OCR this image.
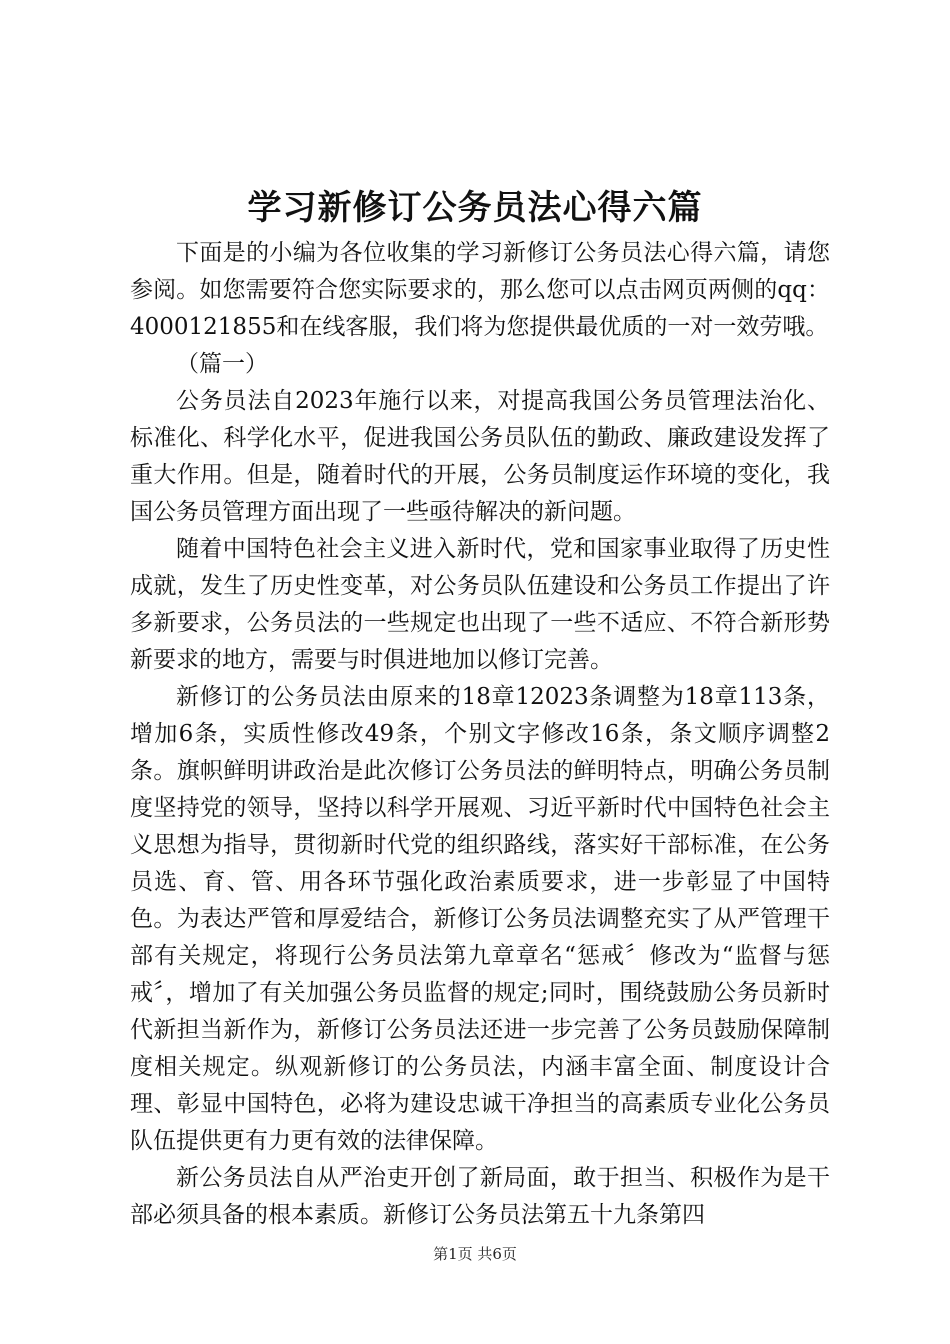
学习新修订公务员法心得六篇

下面是的小编为各位收集的学习新修订公务员法心得六篇，请您参阅。如您需要符合您实际要求的，那么您可以点击网页两侧的qq：4000121855和在线客服，我们将为您提供最优质的一对一效劳哦。

（篇一）

公务员法自2023年施行以来，对提高我国公务员管理法治化、标准化、科学化水平，促进我国公务员队伍的勤政、廉政建设发挥了重大作用。但是，随着时代的开展，公务员制度运作环境的变化，我国公务员管理方面出现了一些亟待解决的新问题。

随着中国特色社会主义进入新时代，党和国家事业取得了历史性成就，发生了历史性变革，对公务员队伍建设和公务员工作提出了许多新要求，公务员法的一些规定也出现了一些不适应、不符合新形势新要求的地方，需要与时俱进地加以修订完善。

新修订的公务员法由原来的18章12023条调整为18章113条，增加6条，实质性修改49条，个别文字修改16条，条文顺序调整2条。旗帜鲜明讲政治是此次修订公务员法的鲜明特点，明确公务员制度坚持党的领导，坚持以科学开展观、习近平新时代中国特色社会主义思想为指导，贯彻新时代党的组织路线，落实好干部标准，在公务员选、育、管、用各环节强化政治素质要求，进一步彰显了中国特色。为表达严管和厚爱结合，新修订公务员法调整充实了从严管理干部有关规定，将现行公务员法第九章章名“惩戒〞修改为“监督与惩戒〞，增加了有关加强公务员监督的规定;同时，围绕鼓励公务员新时代新担当新作为，新修订公务员法还进一步完善了公务员鼓励保障制度相关规定。纵观新修订的公务员法，内涵丰富全面、制度设计合理、彰显中国特色，必将为建设忠诚干净担当的高素质专业化公务员队伍提供更有力更有效的法律保障。

新公务员法自从严治吏开创了新局面，敢于担当、积极作为是干部必须具备的根本素质。新修订公务员法第五十九条第四

第1页 共6页
